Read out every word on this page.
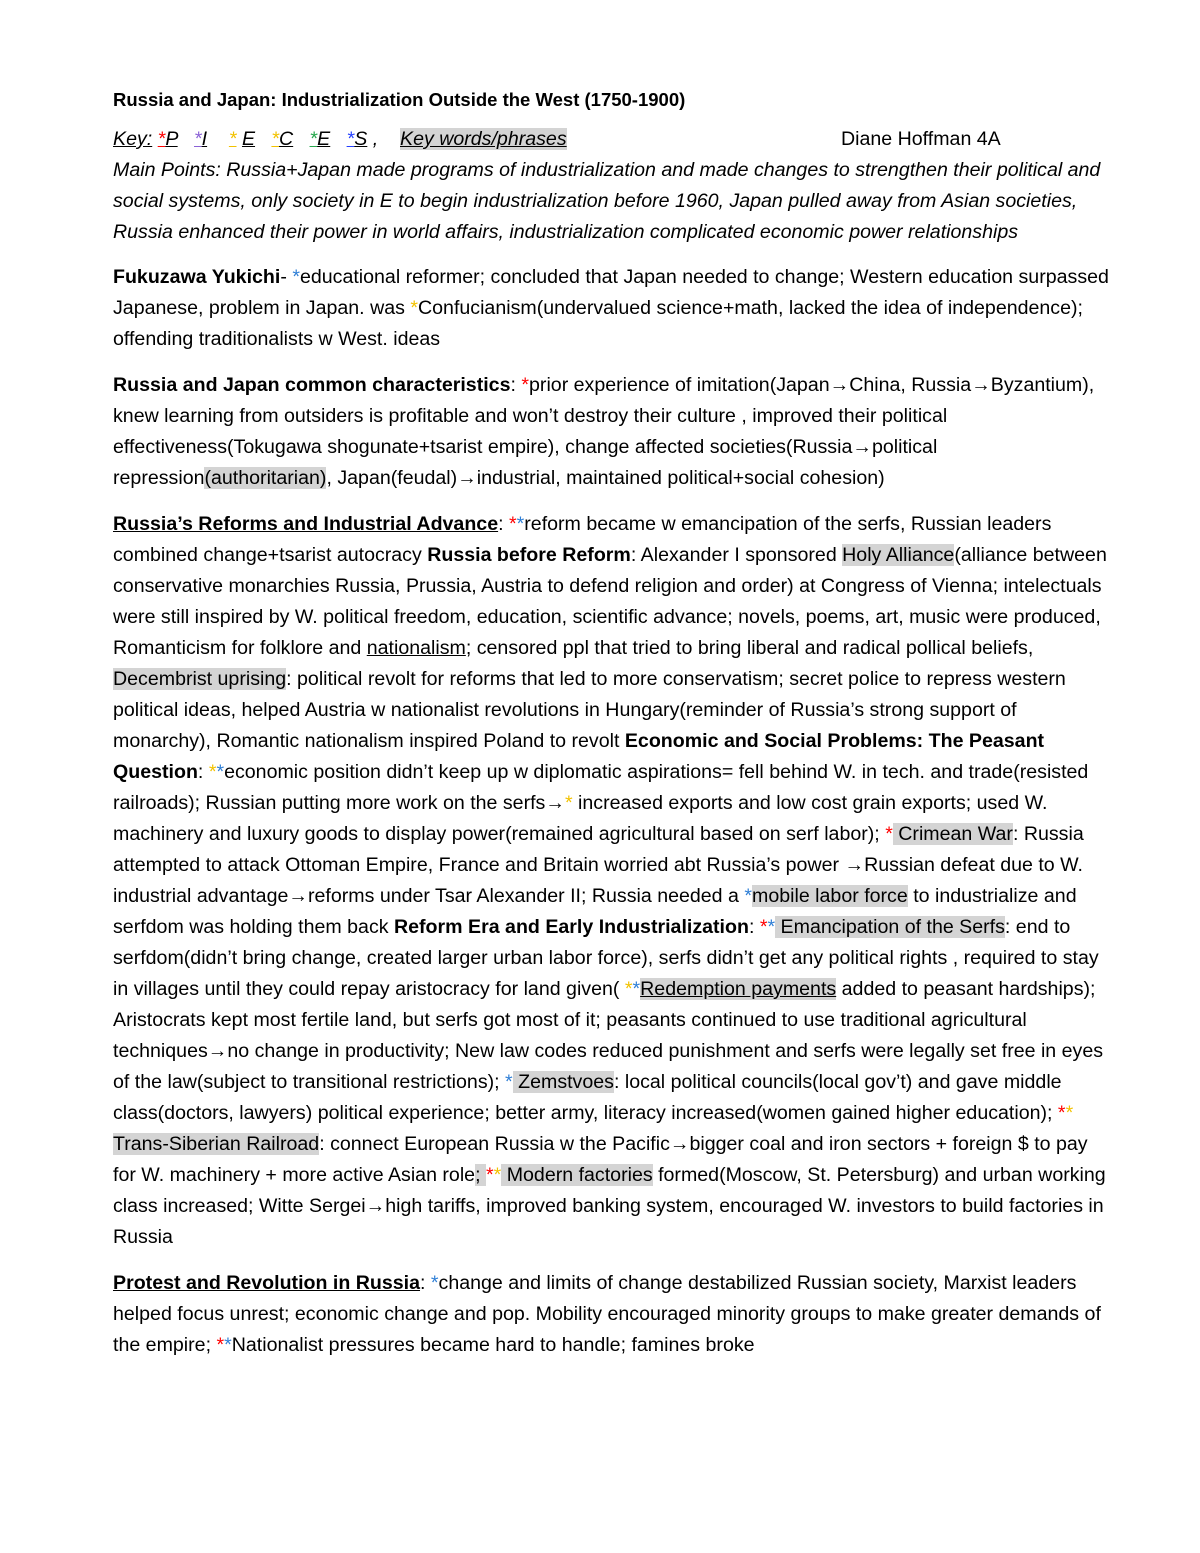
Russia and Japan: Industrialization Outside the West (1750-1900)
Key: *P *I * E *C *E *S , Key words/phrases	Diane Hoffman 4A
Main Points: Russia+Japan made programs of industrialization and made changes to strengthen their political and social systems, only society in E to begin industrialization before 1960, Japan pulled away from Asian societies, Russia enhanced their power in world affairs, industrialization complicated economic power relationships

Fukuzawa Yukichi- *educational reformer; concluded that Japan needed to change; Western education surpassed Japanese, problem in Japan. was *Confucianism(undervalued science+math, lacked the idea of independence); offending traditionalists w West. ideas

Russia and Japan common characteristics: *prior experience of imitation(Japan→China, Russia→Byzantium), knew learning from outsiders is profitable and won’t destroy their culture , improved their political effectiveness(Tokugawa shogunate+tsarist empire), change affected societies(Russia→political repression(authoritarian), Japan(feudal)→industrial, maintained political+social cohesion)

Russia’s Reforms and Industrial Advance: **reform became w emancipation of the serfs, Russian leaders combined change+tsarist autocracy Russia before Reform: Alexander I sponsored Holy Alliance(alliance between conservative monarchies Russia, Prussia, Austria to defend religion and order) at Congress of Vienna; intelectuals were still inspired by W. political freedom, education, scientific advance; novels, poems, art, music were produced, Romanticism for folklore and nationalism; censored ppl that tried to bring liberal and radical pollical beliefs, Decembrist uprising: political revolt for reforms that led to more conservatism; secret police to repress western political ideas, helped Austria w nationalist revolutions in Hungary(reminder of Russia’s strong support of monarchy), Romantic nationalism inspired Poland to revolt Economic and Social Problems: The Peasant Question: **economic position didn’t keep up w diplomatic aspirations= fell behind W. in tech. and trade(resisted railroads); Russian putting more work on the serfs→* increased exports and low cost grain exports; used W. machinery and luxury goods to display power(remained agricultural based on serf labor); * Crimean War: Russia attempted to attack Ottoman Empire, France and Britain worried abt Russia’s power →Russian defeat due to W. industrial advantage→reforms under Tsar Alexander II; Russia needed a *mobile labor force to industrialize and serfdom was holding them back Reform Era and Early Industrialization: ** Emancipation of the Serfs: end to serfdom(didn’t bring change, created larger urban labor force), serfs didn’t get any political rights , required to stay in villages until they could repay aristocracy for land given( **Redemption payments added to peasant hardships); Aristocrats kept most fertile land, but serfs got most of it; peasants continued to use traditional agricultural techniques→no change in productivity; New law codes reduced punishment and serfs were legally set free in eyes of the law(subject to transitional restrictions); * Zemstvoes: local political councils(local gov’t) and gave middle class(doctors, lawyers) political experience; better army, literacy increased(women gained higher education); ** Trans-Siberian Railroad: connect European Russia w the Pacific→bigger coal and iron sectors + foreign $ to pay for W. machinery + more active Asian role; ** Modern factories formed(Moscow, St. Petersburg) and urban working class increased; Witte Sergei→high tariffs, improved banking system, encouraged W. investors to build factories in Russia

Protest and Revolution in Russia: *change and limits of change destabilized Russian society, Marxist leaders helped focus unrest; economic change and pop. Mobility encouraged minority groups to make greater demands of the empire; **Nationalist pressures became hard to handle; famines broke
